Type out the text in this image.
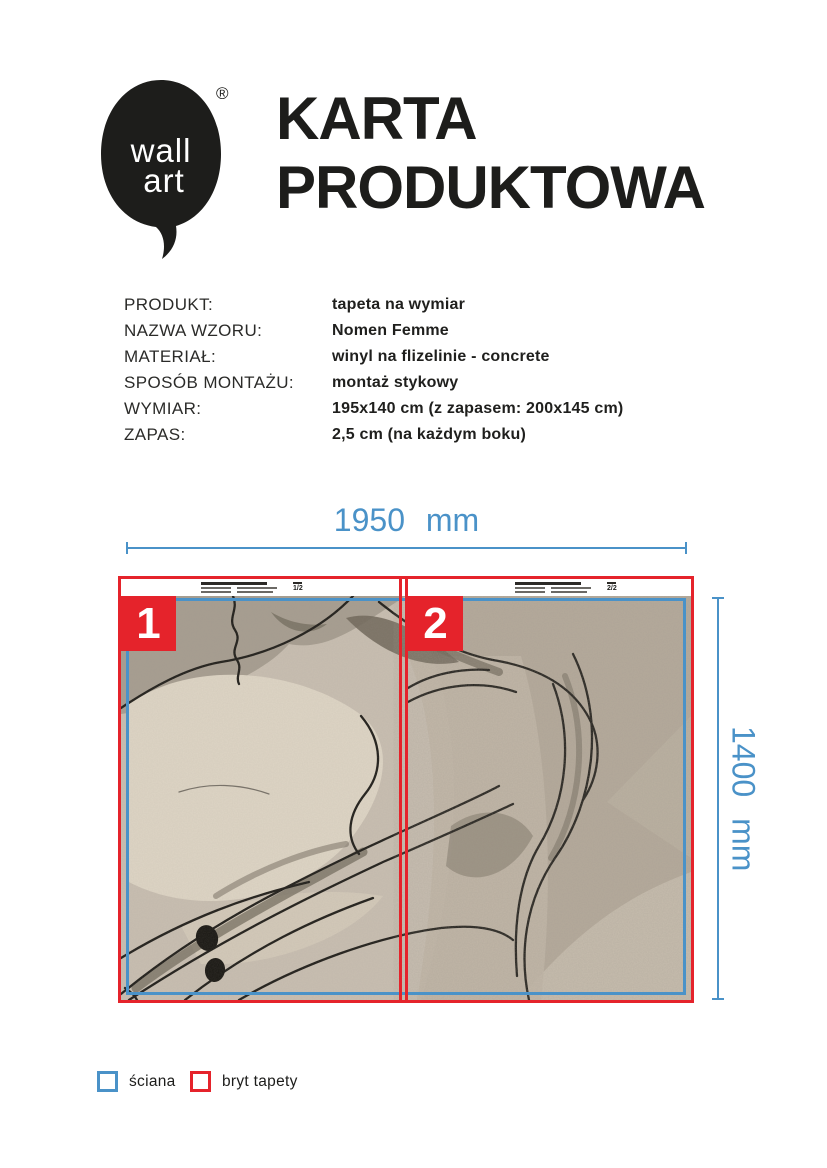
wall
art
® KARTA
PRODUKTOWA
PRODUKT:	tapeta na wymiar
NAZWA WZORU:	Nomen Femme
MATERIAŁ:	winyl na flizelinie - concrete
SPOSÓB MONTAŻU:	montaż stykowy
WYMIAR:	195x140 cm (z zapasem: 200x145 cm)
ZAPAS:	2,5 cm (na każdym boku)
1950 mm
1400 mm
1/2	2/2
1	2
ściana	bryt tapety
